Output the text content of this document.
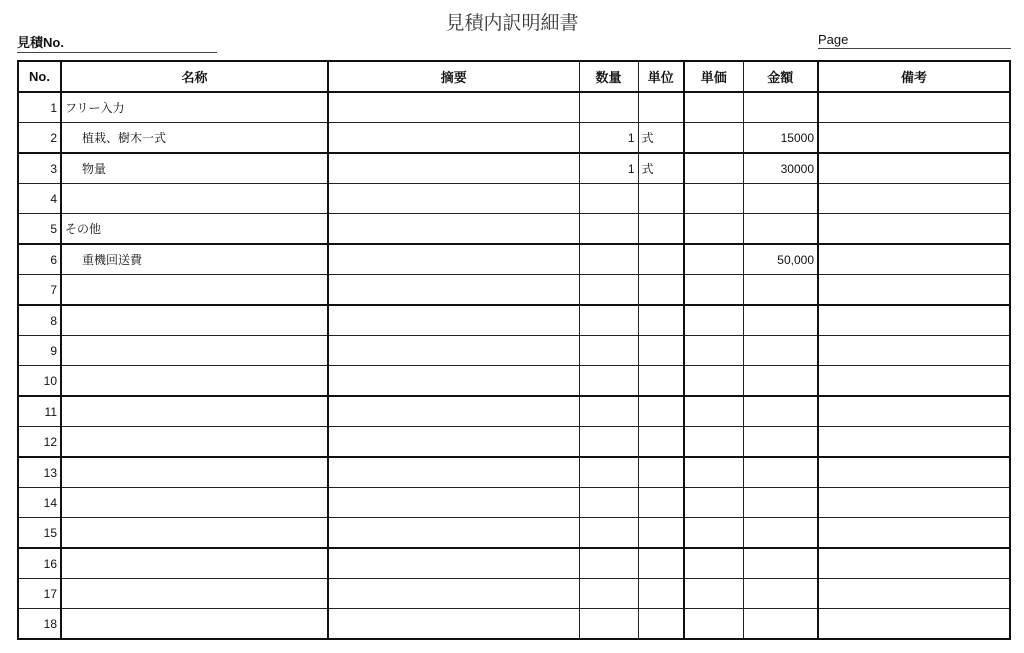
見積内訳明細書
見積No.	Page
No.	名称	摘要	数量	単位	単価	金額	備考
1	フリー入力						
2	植栽、樹木一式		1	式		15000	
3	物量		1	式		30000	
4							
5	その他						
6	重機回送費					50,000	
7							
8							
9							
10							
11							
12							
13							
14							
15							
16							
17							
18							
